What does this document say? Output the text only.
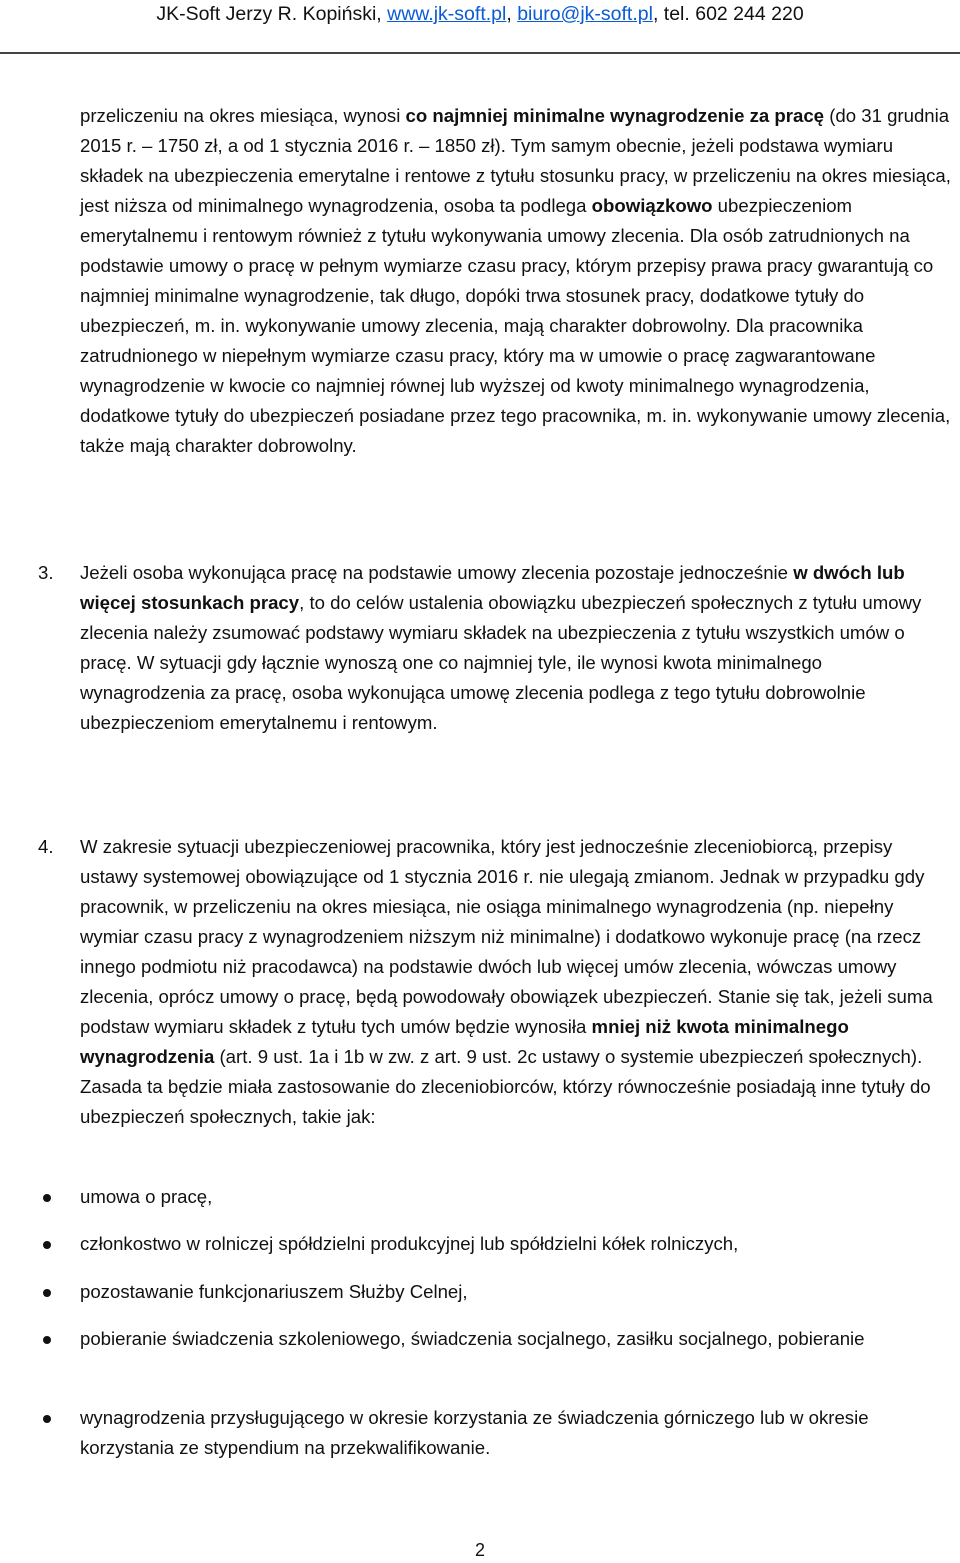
JK-Soft Jerzy R. Kopiński, www.jk-soft.pl, biuro@jk-soft.pl, tel. 602 244 220
przeliczeniu na okres miesiąca, wynosi co najmniej minimalne wynagrodzenie za pracę (do 31 grudnia 2015 r. ‒ 1750 zł, a od 1 stycznia 2016 r. ‒ 1850 zł). Tym samym obecnie, jeżeli podstawa wymiaru składek na ubezpieczenia emerytalne i rentowe z tytułu stosunku pracy, w przeliczeniu na okres miesiąca, jest niższa od minimalnego wynagrodzenia, osoba ta podlega obowiązkowo ubezpieczeniom emerytalnemu i rentowym również z tytułu wykonywania umowy zlecenia. Dla osób zatrudnionych na podstawie umowy o pracę w pełnym wymiarze czasu pracy, którym przepisy prawa pracy gwarantują co najmniej minimalne wynagrodzenie, tak długo, dopóki trwa stosunek pracy, dodatkowe tytuły do ubezpieczeń, m. in. wykonywanie umowy zlecenia, mają charakter dobrowolny. Dla pracownika zatrudnionego w niepełnym wymiarze czasu pracy, który ma w umowie o pracę zagwarantowane wynagrodzenie w kwocie co najmniej równej lub wyższej od kwoty minimalnego wynagrodzenia, dodatkowe tytuły do ubezpieczeń posiadane przez tego pracownika, m. in. wykonywanie umowy zlecenia, także mają charakter dobrowolny.
3. Jeżeli osoba wykonująca pracę na podstawie umowy zlecenia pozostaje jednocześnie w dwóch lub więcej stosunkach pracy, to do celów ustalenia obowiązku ubezpieczeń społecznych z tytułu umowy zlecenia należy zsumować podstawy wymiaru składek na ubezpieczenia z tytułu wszystkich umów o pracę. W sytuacji gdy łącznie wynoszą one co najmniej tyle, ile wynosi kwota minimalnego wynagrodzenia za pracę, osoba wykonująca umowę zlecenia podlega z tego tytułu dobrowolnie ubezpieczeniom emerytalnemu i rentowym.
4. W zakresie sytuacji ubezpieczeniowej pracownika, który jest jednocześnie zleceniobiorcą, przepisy ustawy systemowej obowiązujące od 1 stycznia 2016 r. nie ulegają zmianom. Jednak w przypadku gdy pracownik, w przeliczeniu na okres miesiąca, nie osiąga minimalnego wynagrodzenia (np. niepełny wymiar czasu pracy z wynagrodzeniem niższym niż minimalne) i dodatkowo wykonuje pracę (na rzecz innego podmiotu niż pracodawca) na podstawie dwóch lub więcej umów zlecenia, wówczas umowy zlecenia, oprócz umowy o pracę, będą powodowały obowiązek ubezpieczeń. Stanie się tak, jeżeli suma podstaw wymiaru składek z tytułu tych umów będzie wynosiła mniej niż kwota minimalnego wynagrodzenia (art. 9 ust. 1a i 1b w zw. z art. 9 ust. 2c ustawy o systemie ubezpieczeń społecznych). Zasada ta będzie miała zastosowanie do zleceniobiorców, którzy równocześnie posiadają inne tytuły do ubezpieczeń społecznych, takie jak:
umowa o pracę,
członkostwo w rolniczej spółdzielni produkcyjnej lub spółdzielni kółek rolniczych,
pozostawanie funkcjonariuszem Służby Celnej,
pobieranie świadczenia szkoleniowego, świadczenia socjalnego, zasiłku socjalnego, pobieranie
wynagrodzenia przysługującego w okresie korzystania ze świadczenia górniczego lub w okresie korzystania ze stypendium na przekwalifikowanie.
2
